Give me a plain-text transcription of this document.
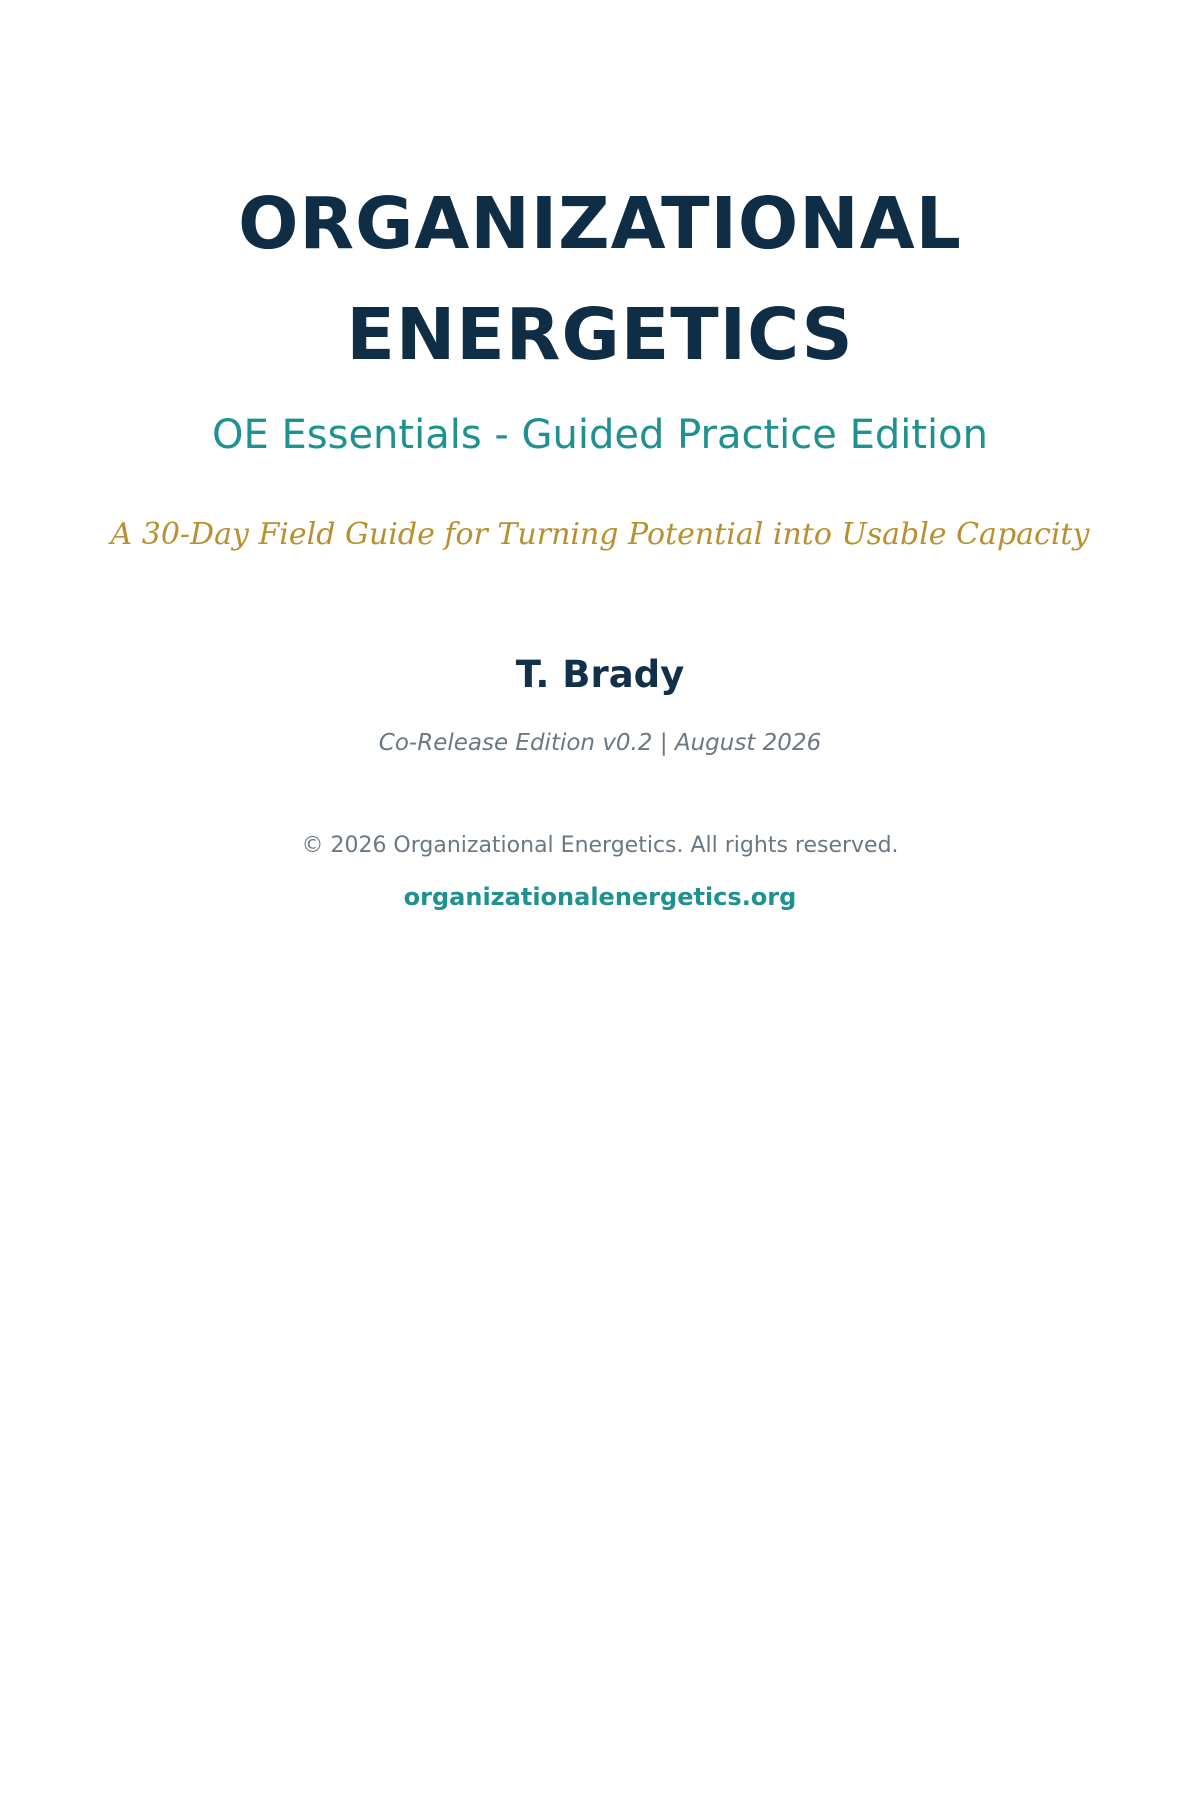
ORGANIZATIONAL
ENERGETICS
OE Essentials - Guided Practice Edition
A 30-Day Field Guide for Turning Potential into Usable Capacity
T. Brady
Co-Release Edition v0.2 | August 2026
© 2026 Organizational Energetics. All rights reserved.
organizationalenergetics.org
